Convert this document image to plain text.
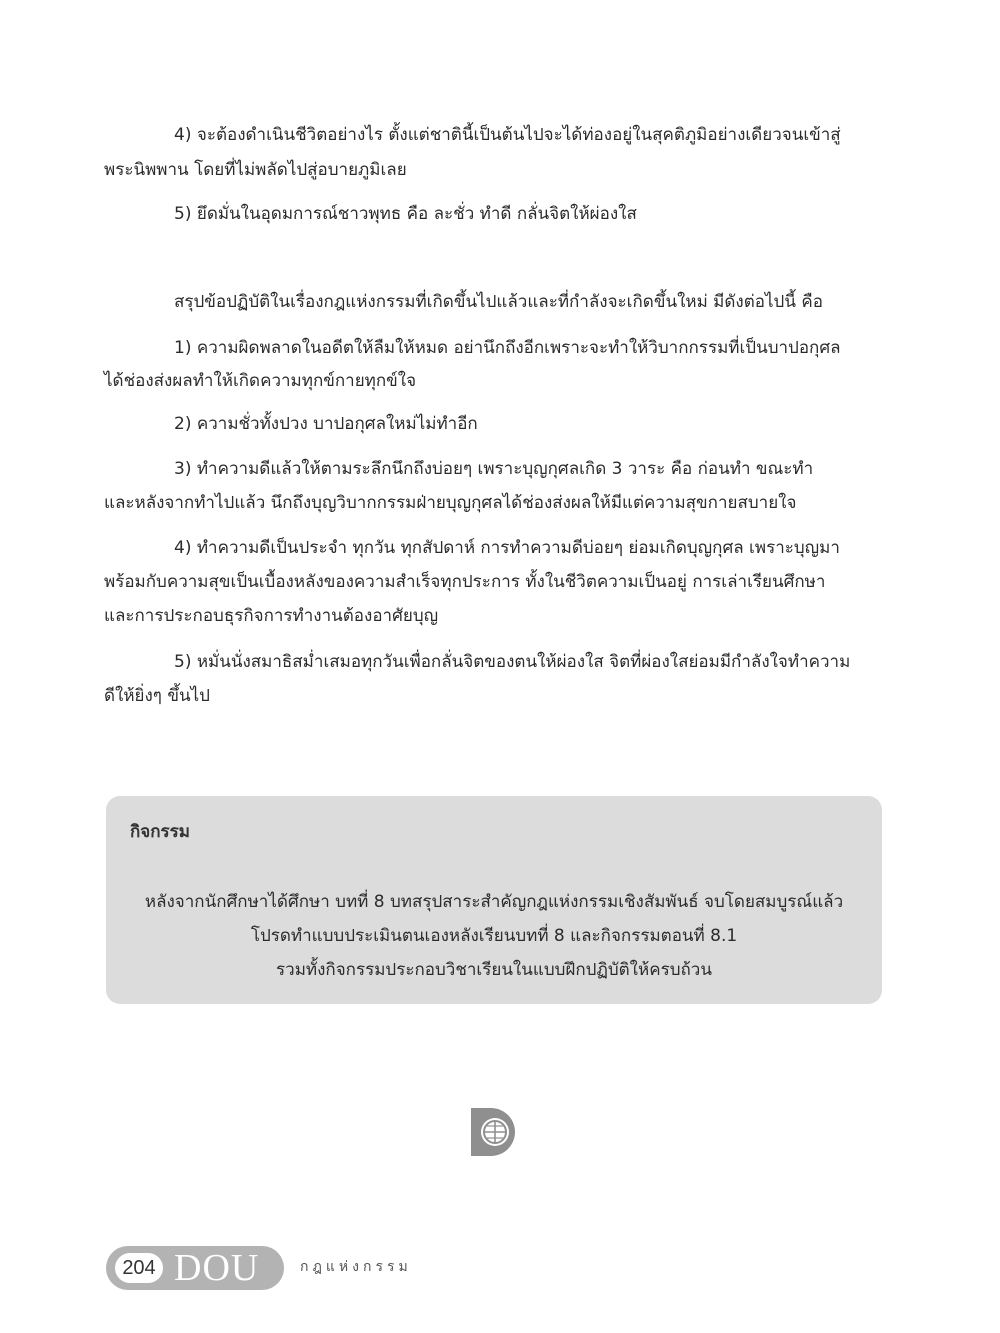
4) จะต้องดำเนินชีวิตอย่างไร ตั้งแต่ชาตินี้เป็นต้นไปจะได้ท่องอยู่ในสุคติภูมิอย่างเดียวจนเข้าสู่
พระนิพพาน โดยที่ไม่พลัดไปสู่อบายภูมิเลย
5) ยึดมั่นในอุดมการณ์ชาวพุทธ คือ ละชั่ว ทำดี กลั่นจิตให้ผ่องใส
สรุปข้อปฏิบัติในเรื่องกฎแห่งกรรมที่เกิดขึ้นไปแล้วและที่กำลังจะเกิดขึ้นใหม่ มีดังต่อไปนี้ คือ
1) ความผิดพลาดในอดีตให้ลืมให้หมด อย่านึกถึงอีกเพราะจะทำให้วิบากกรรมที่เป็นบาปอกุศล
ได้ช่องส่งผลทำให้เกิดความทุกข์กายทุกข์ใจ
2) ความชั่วทั้งปวง บาปอกุศลใหม่ไม่ทำอีก
3) ทำความดีแล้วให้ตามระลึกนึกถึงบ่อยๆ เพราะบุญกุศลเกิด 3 วาระ คือ ก่อนทำ ขณะทำ
และหลังจากทำไปแล้ว นึกถึงบุญวิบากกรรมฝ่ายบุญกุศลได้ช่องส่งผลให้มีแต่ความสุขกายสบายใจ
4) ทำความดีเป็นประจำ ทุกวัน ทุกสัปดาห์ การทำความดีบ่อยๆ ย่อมเกิดบุญกุศล เพราะบุญมา
พร้อมกับความสุขเป็นเบื้องหลังของความสำเร็จทุกประการ ทั้งในชีวิตความเป็นอยู่ การเล่าเรียนศึกษา
และการประกอบธุรกิจการทำงานต้องอาศัยบุญ
5) หมั่นนั่งสมาธิสม่ำเสมอทุกวันเพื่อกลั่นจิตของตนให้ผ่องใส จิตที่ผ่องใสย่อมมีกำลังใจทำความ
ดีให้ยิ่งๆ ขึ้นไป
กิจกรรม
หลังจากนักศึกษาได้ศึกษา บทที่ 8 บทสรุปสาระสำคัญกฎแห่งกรรมเชิงสัมพันธ์ จบโดยสมบูรณ์แล้ว
โปรดทำแบบประเมินตนเองหลังเรียนบทที่ 8 และกิจกรรมตอนที่ 8.1
รวมทั้งกิจกรรมประกอบวิชาเรียนในแบบฝึกปฏิบัติให้ครบถ้วน
204 DOU	กฎแห่งกรรม
